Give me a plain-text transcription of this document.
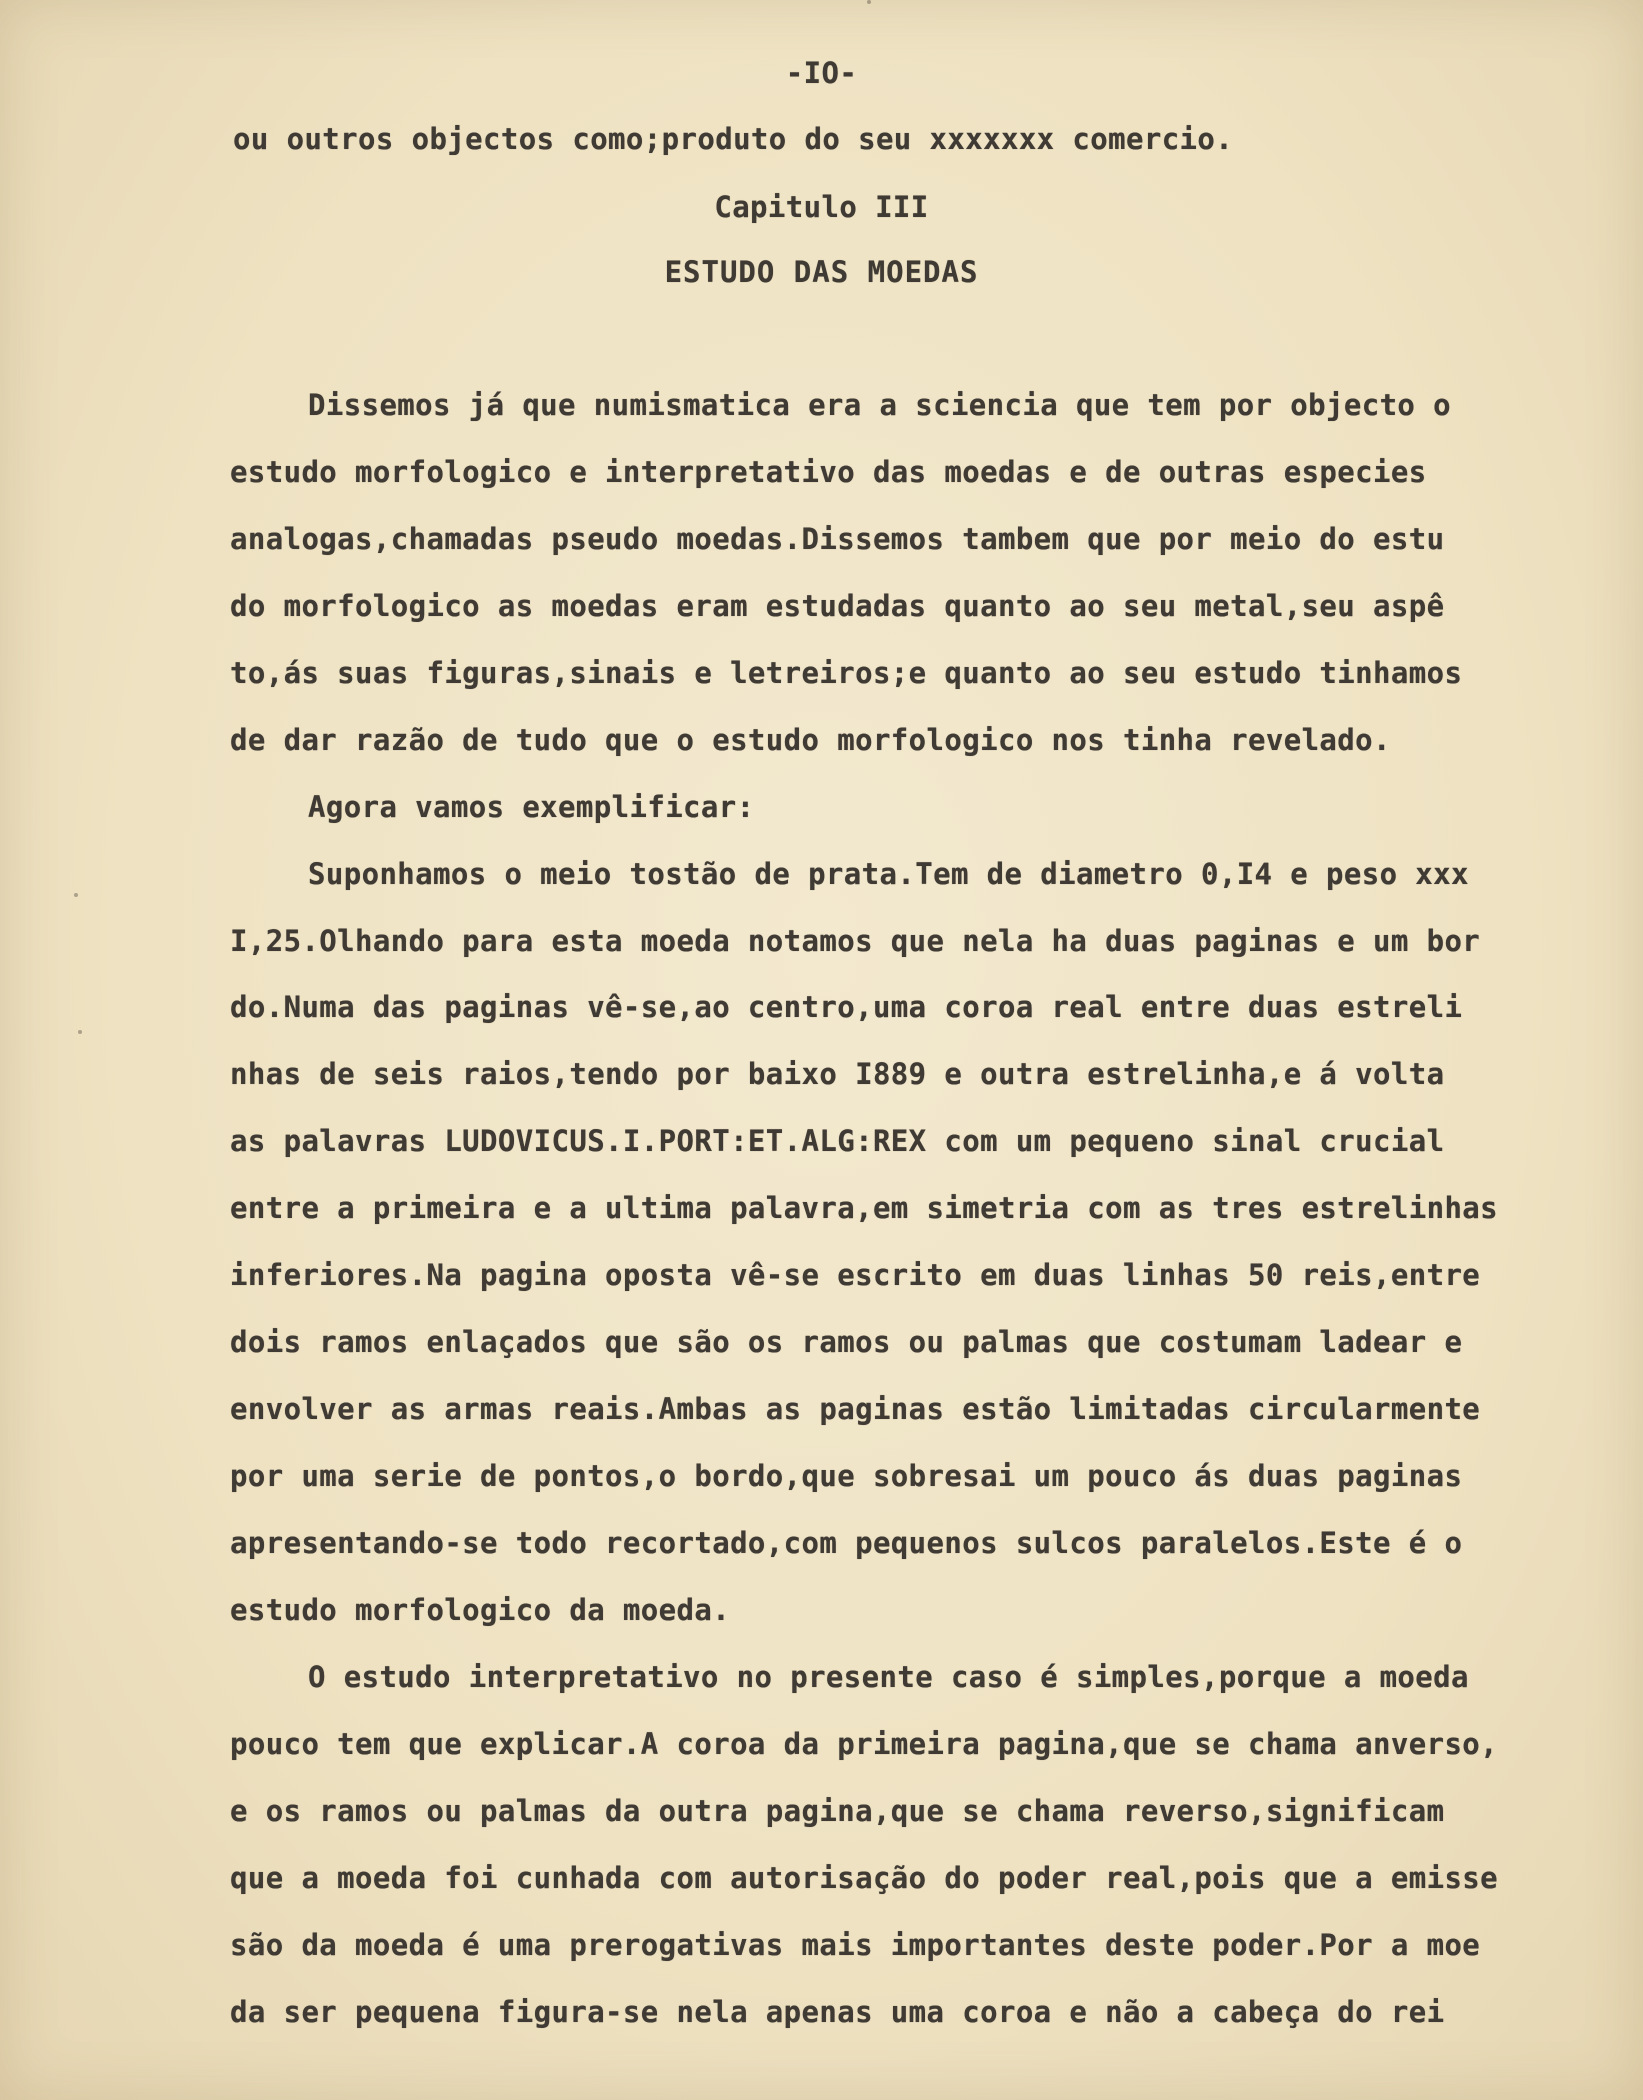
-IO-
ou outros objectos como;produto do seu xxxxxxx comercio.
Capitulo III
ESTUDO DAS MOEDAS
Dissemos já que numismatica era a sciencia que tem por objecto o
estudo morfologico e interpretativo das moedas e de outras especies
analogas,chamadas pseudo moedas.Dissemos tambem que por meio do estu
do morfologico as moedas eram estudadas quanto ao seu metal,seu aspê
to,ás suas figuras,sinais e letreiros;e quanto ao seu estudo tinhamos
de dar razão de tudo que o estudo morfologico nos tinha revelado.
Agora vamos exemplificar:
Suponhamos o meio tostão de prata.Tem de diametro 0,I4 e peso xxx
I,25.Olhando para esta moeda notamos que nela ha duas paginas e um bor
do.Numa das paginas vê-se,ao centro,uma coroa real entre duas estreli
nhas de seis raios,tendo por baixo I889 e outra estrelinha,e á volta
as palavras LUDOVICUS.I.PORT:ET.ALG:REX com um pequeno sinal crucial
entre a primeira e a ultima palavra,em simetria com as tres estrelinhas
inferiores.Na pagina oposta vê-se escrito em duas linhas 50 reis,entre
dois ramos enlaçados que são os ramos ou palmas que costumam ladear e
envolver as armas reais.Ambas as paginas estão limitadas circularmente
por uma serie de pontos,o bordo,que sobresai um pouco ás duas paginas
apresentando-se todo recortado,com pequenos sulcos paralelos.Este é o
estudo morfologico da moeda.
O estudo interpretativo no presente caso é simples,porque a moeda
pouco tem que explicar.A coroa da primeira pagina,que se chama anverso,
e os ramos ou palmas da outra pagina,que se chama reverso,significam
que a moeda foi cunhada com autorisação do poder real,pois que a emisse
são da moeda é uma prerogativas mais importantes deste poder.Por a moe
da ser pequena figura-se nela apenas uma coroa e não a cabeça do rei
